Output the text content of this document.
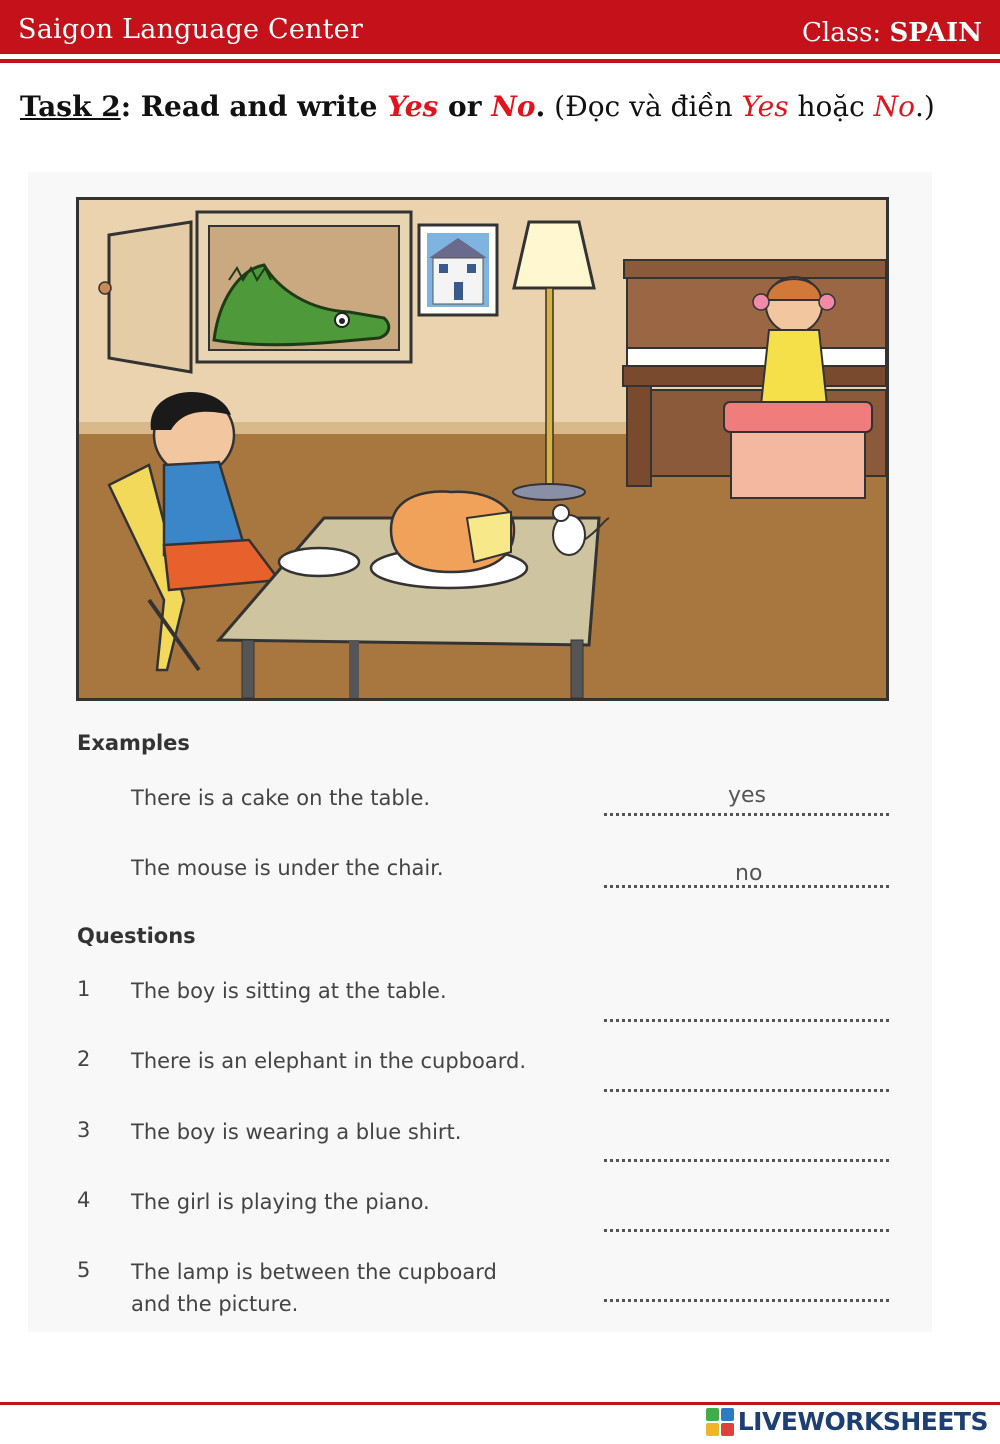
Saigon Language Center	Class: SPAIN
Task 2: Read and write Yes or No. (Đọc và điền Yes hoặc No.)
Examples
There is a cake on the table.	yes
The mouse is under the chair.	no
Questions
1 The boy is sitting at the table.
2 There is an elephant in the cupboard.
3 The boy is wearing a blue shirt.
4 The girl is playing the piano.
5 The lamp is between the cupboard and the picture.
LIVEWORKSHEETS
